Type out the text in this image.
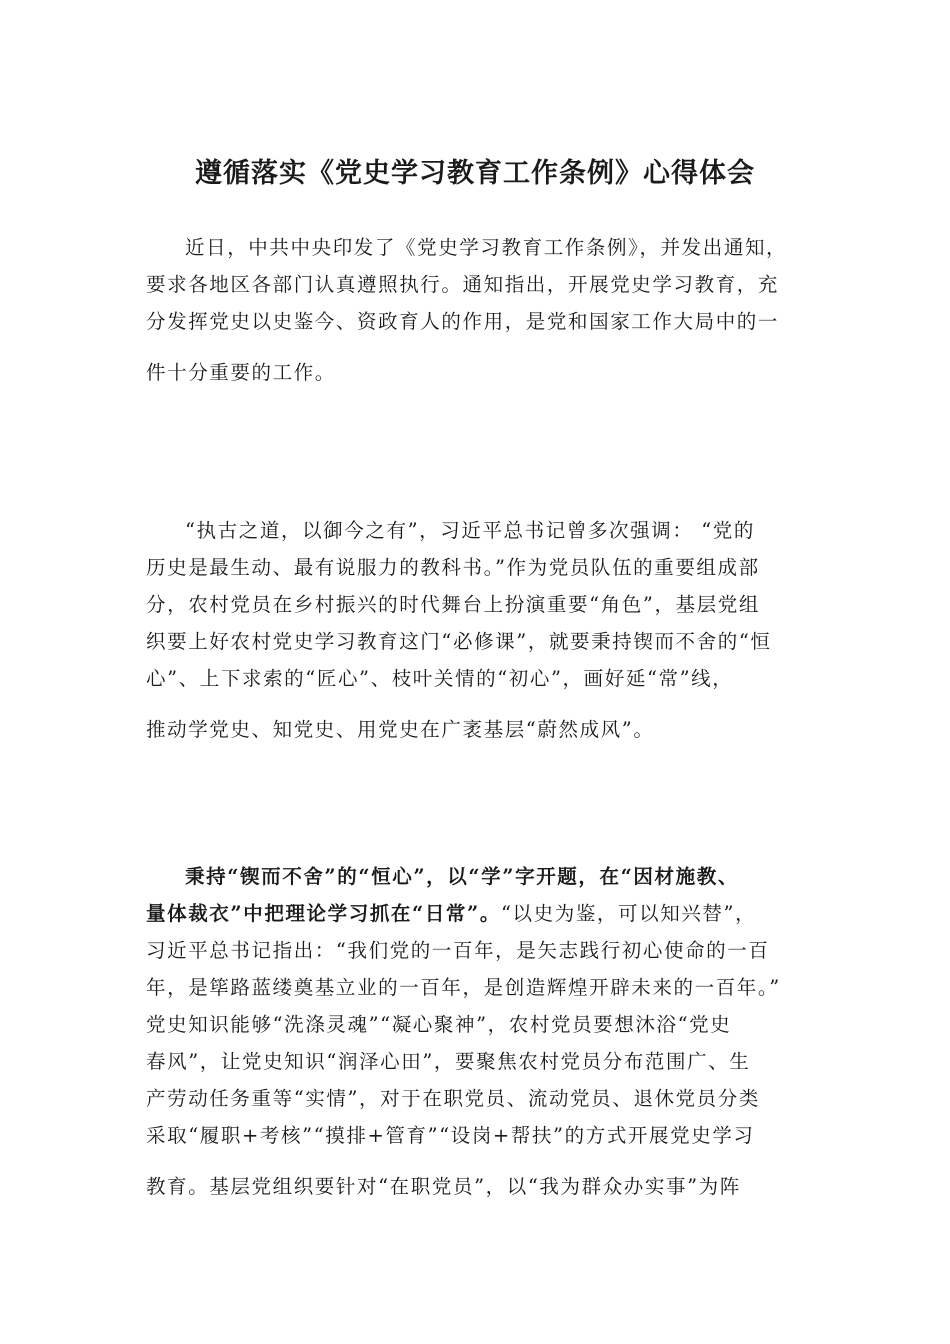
遵循落实《党史学习教育工作条例》心得体会
近日，中共中央印发了《党史学习教育工作条例》，并发出通知，
要求各地区各部门认真遵照执行。通知指出，开展党史学习教育，充
分发挥党史以史鉴今、资政育人的作用，是党和国家工作大局中的一
件十分重要的工作。
“执古之道，以御今之有”，习近平总书记曾多次强调： “党的
历史是最生动、最有说服力的教科书。”作为党员队伍的重要组成部
分，农村党员在乡村振兴的时代舞台上扮演重要“角色”，基层党组
织要上好农村党史学习教育这门“必修课”，就要秉持锲而不舍的“恒
心”、上下求索的“匠心”、枝叶关情的“初心”，画好延“常”线，
推动学党史、知党史、用党史在广袤基层“蔚然成风”。
秉持“锲而不舍”的“恒心”，以“学”字开题，在“因材施教、
量体裁衣”中把理论学习抓在“日常”。“以史为鉴，可以知兴替”，
习近平总书记指出：“我们党的一百年，是矢志践行初心使命的一百
年，是筚路蓝缕奠基立业的一百年，是创造辉煌开辟未来的一百年。”
党史知识能够“洗涤灵魂”“凝心聚神”，农村党员要想沐浴“党史
春风”，让党史知识“润泽心田”，要聚焦农村党员分布范围广、生
产劳动任务重等“实情”，对于在职党员、流动党员、退休党员分类
采取“履职+考核”“摸排+管育”“设岗+帮扶”的方式开展党史学习
教育。基层党组织要针对“在职党员”，以“我为群众办实事”为阵
